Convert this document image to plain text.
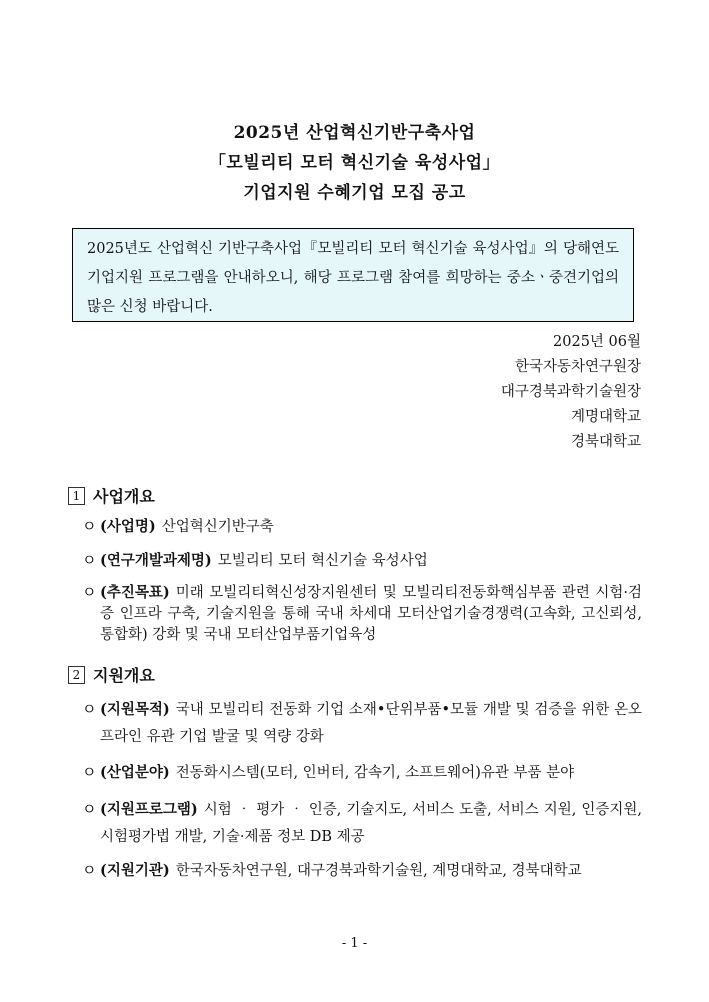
2025년 산업혁신기반구축사업
「모빌리티 모터 혁신기술 육성사업」
기업지원 수혜기업 모집 공고
2025년도 산업혁신 기반구축사업『모빌리티 모터 혁신기술 육성사업』의 당해연도 기업지원 프로그램을 안내하오니, 해당 프로그램 참여를 희망하는 중소ㆍ중견기업의 많은 신청 바랍니다.
2025년 06월
한국자동차연구원장
대구경북과학기술원장
계명대학교
경북대학교
1 사업개요
ㅇ (사업명) 산업혁신기반구축
ㅇ (연구개발과제명) 모빌리티 모터 혁신기술 육성사업
ㅇ (추진목표) 미래 모빌리티혁신성장지원센터 및 모빌리티전동화핵심부품 관련 시험·검증 인프라 구축, 기술지원을 통해 국내 차세대 모터산업기술경쟁력(고속화, 고신뢰성, 통합화) 강화 및 국내 모터산업부품기업육성
2 지원개요
ㅇ (지원목적) 국내 모빌리티 전동화 기업 소재•단위부품•모듈 개발 및 검증을 위한 온오프라인 유관 기업 발굴 및 역량 강화
ㅇ (산업분야) 전동화시스템(모터, 인버터, 감속기, 소프트웨어)유관 부품 분야
ㅇ (지원프로그램) 시험 ‧ 평가 ‧ 인증, 기술지도, 서비스 도출, 서비스 지원, 인증지원, 시험평가법 개발, 기술·제품 정보 DB 제공
ㅇ (지원기관) 한국자동차연구원, 대구경북과학기술원, 계명대학교, 경북대학교
- 1 -
